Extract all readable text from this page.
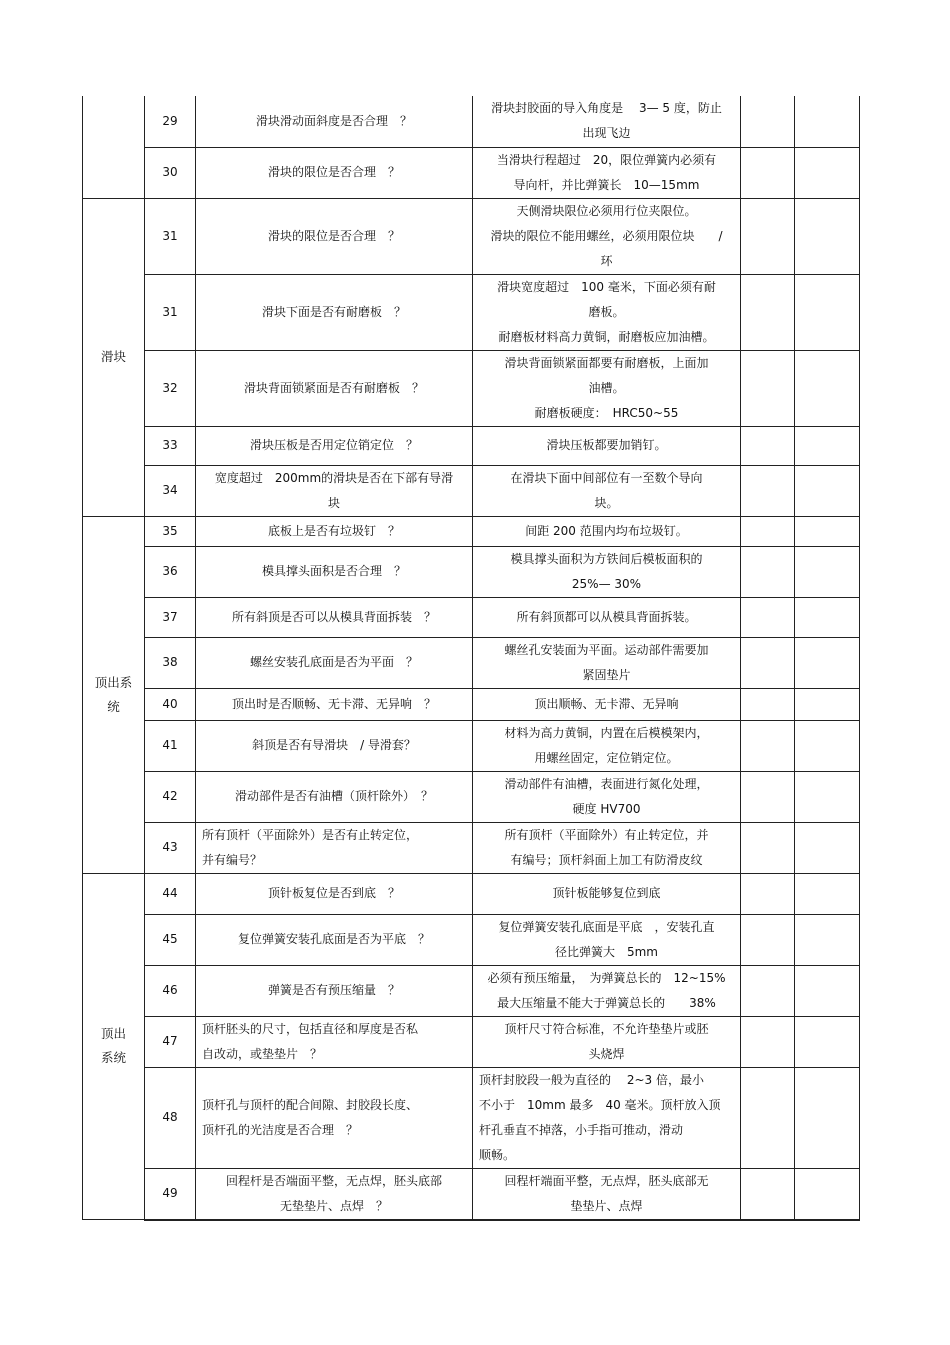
	29	滑块滑动面斜度是否合理　？	滑块封胶面的导入角度是　 3— 5 度，防止
出现飞边		

	30	滑块的限位是否合理　？	当滑块行程超过　20，限位弹簧内必须有
导向杆，并比弹簧长　10—15mm		

滑块	31	滑块的限位是否合理　？	天侧滑块限位必须用行位夹限位。
滑块的限位不能用螺丝，必须用限位块　　/
环		

	31	滑块下面是否有耐磨板　？	滑块宽度超过　100 毫米，下面必须有耐
磨板。
耐磨板材料高力黄铜，耐磨板应加油槽。		

	32	滑块背面锁紧面是否有耐磨板　？	滑块背面锁紧面都要有耐磨板，上面加
油槽。
耐磨板硬度：　HRC50~55		

	33	滑块压板是否用定位销定位　？	滑块压板都要加销钉。		

	34	宽度超过　200mm的滑块是否在下部有导滑
块	在滑块下面中间部位有一至数个导向
块。		

顶出系
统	35	底板上是否有垃圾钉　？	间距 200 范围内均布垃圾钉。		

	36	模具撑头面积是否合理　？	模具撑头面积为方铁间后模板面积的
25%— 30%		

	37	所有斜顶是否可以从模具背面拆装　？	所有斜顶都可以从模具背面拆装。		

	38	螺丝安装孔底面是否为平面　？	螺丝孔安装面为平面。运动部件需要加
紧固垫片		

	40	顶出时是否顺畅、无卡滞、无异响　？	顶出顺畅、无卡滞、无异响		

	41	斜顶是否有导滑块　/ 导滑套？	材料为高力黄铜，内置在后模模架内，
用螺丝固定，定位销定位。		

	42	滑动部件是否有油槽（顶杆除外）　？	滑动部件有油槽，表面进行氮化处理，
硬度 HV700		

	43	所有顶杆（平面除外）是否有止转定位，
并有编号？	所有顶杆（平面除外）有止转定位，并
有编号；顶杆斜面上加工有防滑皮纹		

顶出
系统	44	顶针板复位是否到底　？	顶针板能够复位到底		

	45	复位弹簧安装孔底面是否为平底　？	复位弹簧安装孔底面是平底　，安装孔直
径比弹簧大　5mm		

	46	弹簧是否有预压缩量　？	必须有预压缩量，　为弹簧总长的　12~15%
最大压缩量不能大于弹簧总长的　　38%		

	47	顶杆胚头的尺寸，包括直径和厚度是否私
自改动，或垫垫片　？	顶杆尺寸符合标准，不允许垫垫片或胚
头烧焊		

	48	顶杆孔与顶杆的配合间隙、封胶段长度、
顶杆孔的光洁度是否合理　？	顶杆封胶段一般为直径的　 2~3 倍，最小
不小于　10mm 最多　40 毫米。顶杆放入顶
杆孔垂直不掉落，小手指可推动，滑动
顺畅。		

	49	回程杆是否端面平整，无点焊，胚头底部
无垫垫片、点焊　？	回程杆端面平整，无点焊，胚头底部无
垫垫片、点焊		
